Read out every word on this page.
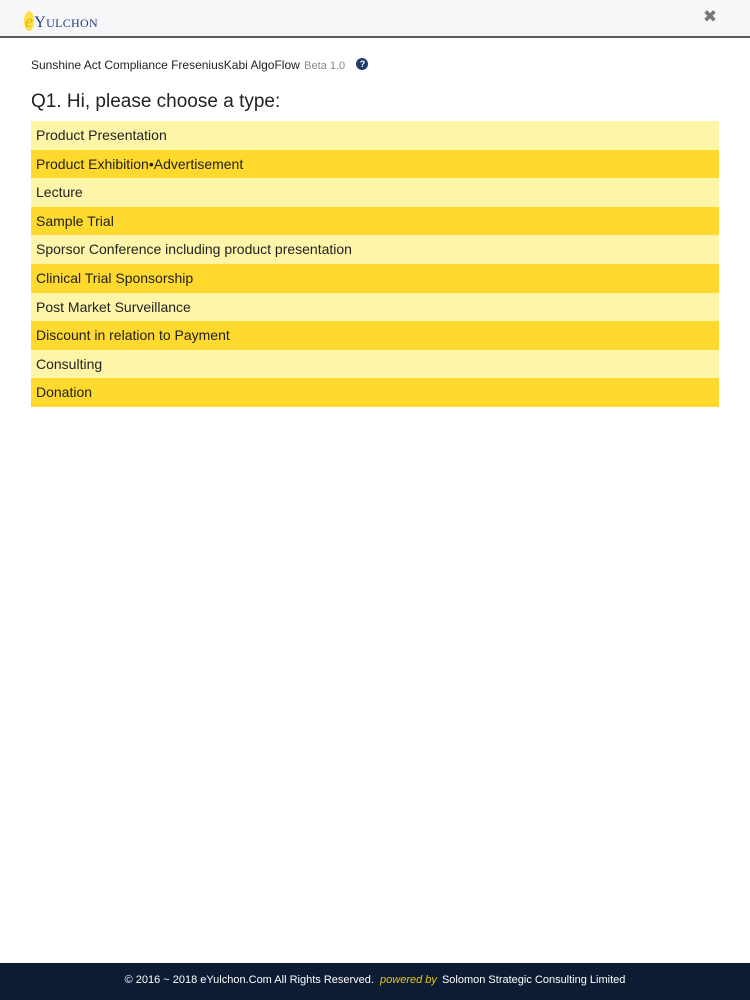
eYULCHON	✖
Sunshine Act Compliance FreseniusKabi AlgoFlow Beta 1.0 ?
Q1. Hi, please choose a type:
Product Presentation
Product Exhibition•Advertisement
Lecture
Sample Trial
Sporsor Conference including product presentation
Clinical Trial Sponsorship
Post Market Surveillance
Discount in relation to Payment
Consulting
Donation
© 2016 ~ 2018 eYulchon.Com All Rights Reserved. powered by Solomon Strategic Consulting Limited
